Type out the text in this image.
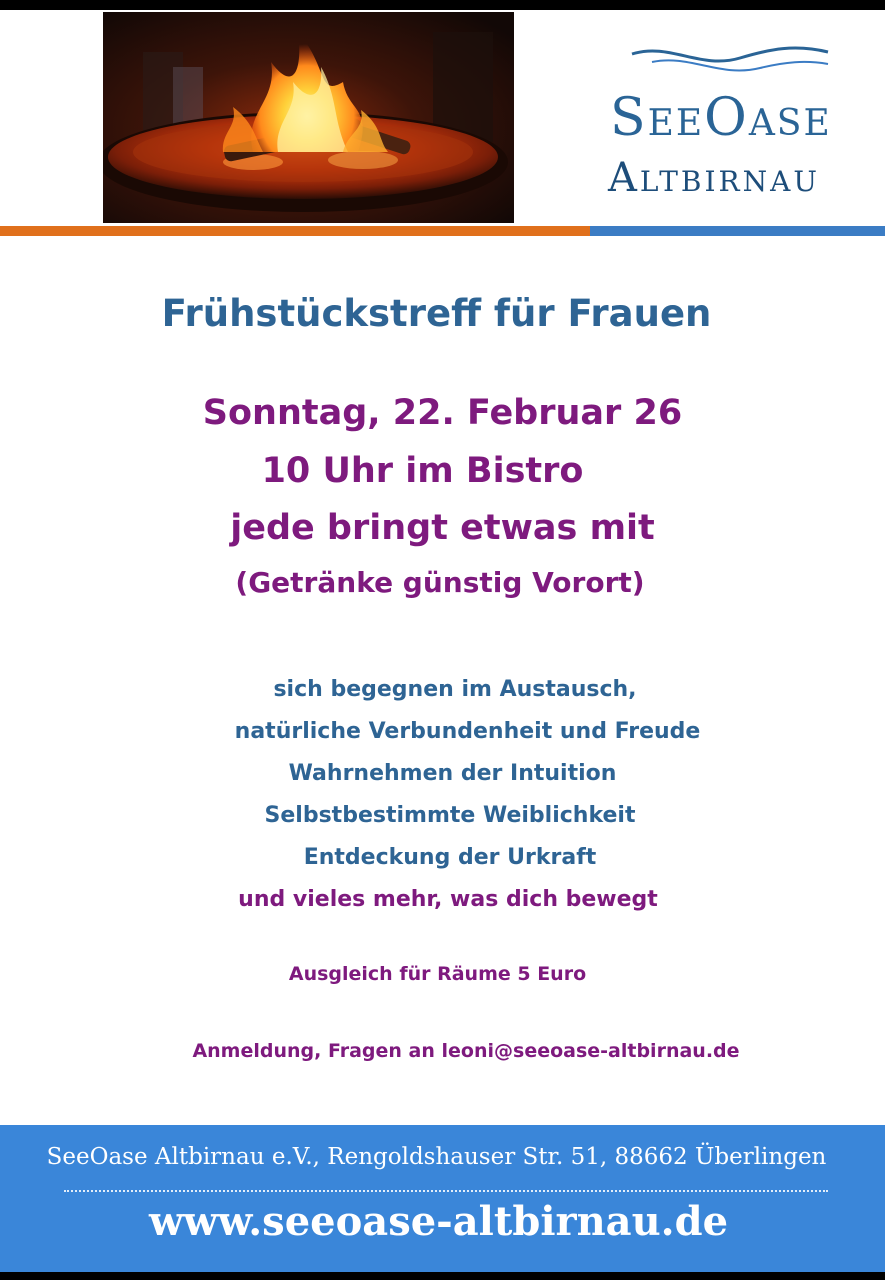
SeeOase
Altbirnau
Frühstückstreff für Frauen
Sonntag, 22. Februar 26
10 Uhr im Bistro
jede bringt etwas mit
(Getränke günstig Vorort)
sich begegnen im Austausch,
natürliche Verbundenheit und Freude
Wahrnehmen der Intuition
Selbstbestimmte Weiblichkeit
Entdeckung der Urkraft
und vieles mehr, was dich bewegt
Ausgleich für Räume 5 Euro
Anmeldung, Fragen an leoni@seeoase-altbirnau.de
SeeOase Altbirnau e.V., Rengoldshauser Str. 51, 88662 Überlingen
www.seeoase-altbirnau.de
